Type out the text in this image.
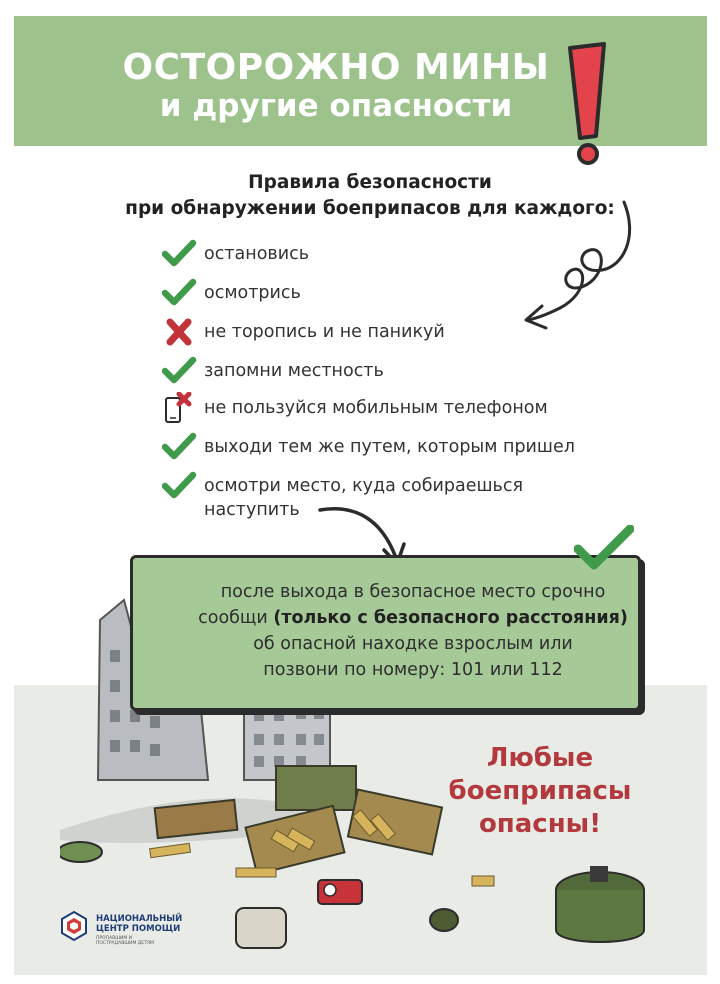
ОСТОРОЖНО МИНЫ
и другие опасности
Правила безопасности
при обнаружении боеприпасов для каждого:
остановись
осмотрись
не торопись и не паникуй
запомни местность
не пользуйся мобильным телефоном
выходи тем же путем, которым пришел
осмотри место, куда собираешься
наступить
после выхода в безопасное место срочно
сообщи (только с безопасного расстояния)
об опасной находке взрослым или
позвони по номеру: 101 или 112
Любые
боеприпасы
опасны!
НАЦИОНАЛЬНЫЙ
ЦЕНТР ПОМОЩИ
ПРОПАВШИМ И ПОСТРАДАВШИМ ДЕТЯМ
